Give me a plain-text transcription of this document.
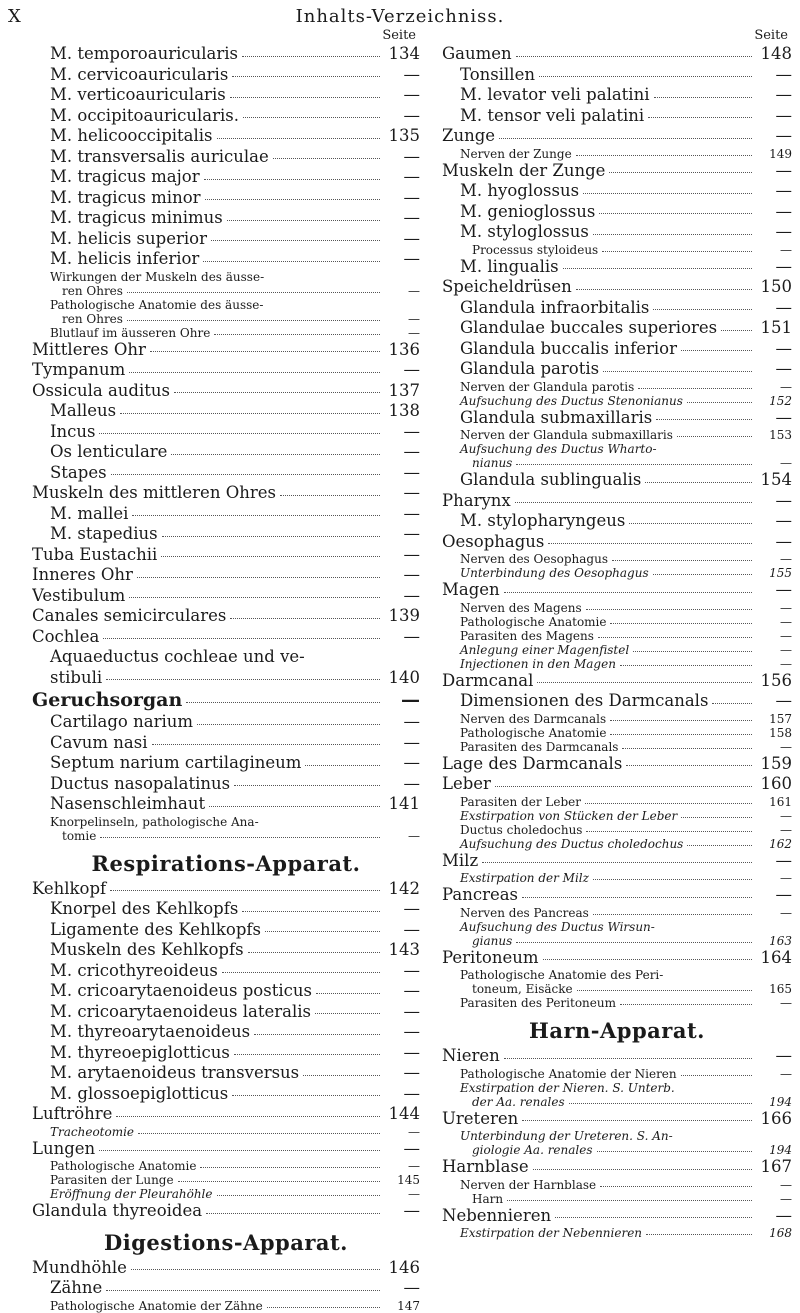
X	Inhalts-Verzeichniss.
Seite
M. temporoauricularis	134
M. cervicoauricularis	—
M. verticoauricularis	—
M. occipitoauricularis.	—
M. helicooccipitalis	135
M. transversalis auriculae	—
M. tragicus major	—
M. tragicus minor	—
M. tragicus minimus	—
M. helicis superior	—
M. helicis inferior	—
Wirkungen der Muskeln des äusse-
ren Ohres	—
Pathologische Anatomie des äusse-
ren Ohres	—
Blutlauf im äusseren Ohre	—
Mittleres Ohr	136
Tympanum	—
Ossicula auditus	137
Malleus	138
Incus	—
Os lenticulare	—
Stapes	—
Muskeln des mittleren Ohres	—
M. mallei	—
M. stapedius	—
Tuba Eustachii	—
Inneres Ohr	—
Vestibulum	—
Canales semicirculares	139
Cochlea	—
Aquaeductus cochleae und ve-
stibuli	140
Geruchsorgan	—
Cartilago narium	—
Cavum nasi	—
Septum narium cartilagineum	—
Ductus nasopalatinus	—
Nasenschleimhaut	141
Knorpelinseln, pathologische Ana-
tomie	—
Respirations-Apparat.
Kehlkopf	142
Knorpel des Kehlkopfs	—
Ligamente des Kehlkopfs	—
Muskeln des Kehlkopfs	143
M. cricothyreoideus	—
M. cricoarytaenoideus posticus	—
M. cricoarytaenoideus lateralis	—
M. thyreoarytaenoideus	—
M. thyreoepiglotticus	—
M. arytaenoideus transversus	—
M. glossoepiglotticus	—
Luftröhre	144
Tracheotomie	—
Lungen	—
Pathologische Anatomie	—
Parasiten der Lunge	145
Eröffnung der Pleurahöhle	—
Glandula thyreoidea	—
Digestions-Apparat.
Mundhöhle	146
Zähne	—
Pathologische Anatomie der Zähne	147
Seite
Gaumen	148
Tonsillen	—
M. levator veli palatini	—
M. tensor veli palatini	—
Zunge	—
Nerven der Zunge	149
Muskeln der Zunge	—
M. hyoglossus	—
M. genioglossus	—
M. styloglossus	—
Processus styloideus	—
M. lingualis	—
Speicheldrüsen	150
Glandula infraorbitalis	—
Glandulae buccales superiores	151
Glandula buccalis inferior	—
Glandula parotis	—
Nerven der Glandula parotis	—
Aufsuchung des Ductus Stenonianus	152
Glandula submaxillaris	—
Nerven der Glandula submaxillaris	153
Aufsuchung des Ductus Wharto-
nianus	—
Glandula sublingualis	154
Pharynx	—
M. stylopharyngeus	—
Oesophagus	—
Nerven des Oesophagus	—
Unterbindung des Oesophagus	155
Magen	—
Nerven des Magens	—
Pathologische Anatomie	—
Parasiten des Magens	—
Anlegung einer Magenfistel	—
Injectionen in den Magen	—
Darmcanal	156
Dimensionen des Darmcanals	—
Nerven des Darmcanals	157
Pathologische Anatomie	158
Parasiten des Darmcanals	—
Lage des Darmcanals	159
Leber	160
Parasiten der Leber	161
Exstirpation von Stücken der Leber	—
Ductus choledochus	—
Aufsuchung des Ductus choledochus	162
Milz	—
Exstirpation der Milz	—
Pancreas	—
Nerven des Pancreas	—
Aufsuchung des Ductus Wirsun-
gianus	163
Peritoneum	164
Pathologische Anatomie des Peri-
toneum, Eisäcke	165
Parasiten des Peritoneum	—
Harn-Apparat.
Nieren	—
Pathologische Anatomie der Nieren	—
Exstirpation der Nieren. S. Unterb.
der Aa. renales	194
Ureteren	166
Unterbindung der Ureteren. S. An-
giologie Aa. renales	194
Harnblase	167
Nerven der Harnblase	—
Harn	—
Nebennieren	—
Exstirpation der Nebennieren	168
